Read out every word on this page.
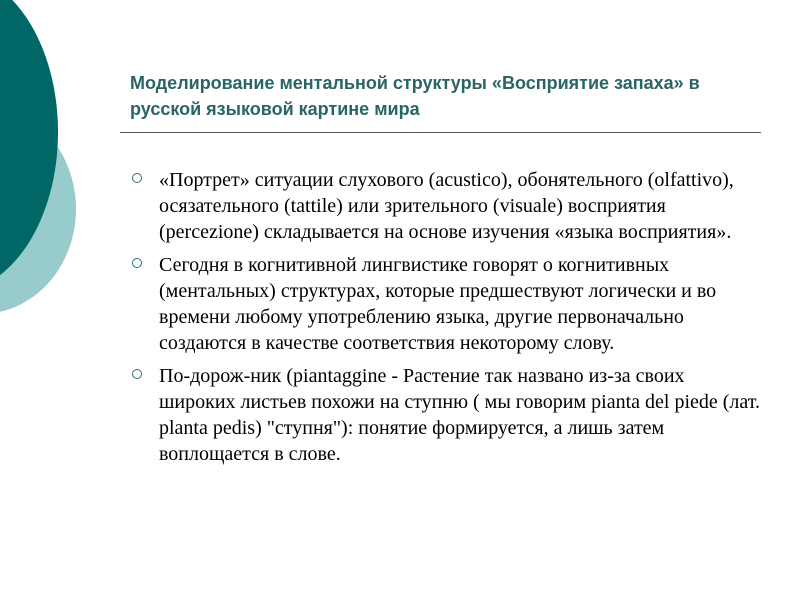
Моделирование ментальной структуры «Восприятие запаха» в русской языковой картине мира
«Портрет» ситуации слухового (acustico), обонятельного (olfattivo), осязательного (tattile) или зрительного (visuale) восприятия (percezione) складывается на основе изучения «языка восприятия».
Сегодня в когнитивной лингвистике говорят о когнитивных (ментальных) структурах, которые предшествуют логически и во времени любому употреблению языка, другие первоначально создаются в качестве соответствия некоторому слову.
По-дорож-ник (piantaggine - Растение так названо из-за своих широких листьев похожи на ступню ( мы говорим pianta del piede (лат. planta pedis) "ступня"): понятие формируется, а лишь затем воплощается в слове.
